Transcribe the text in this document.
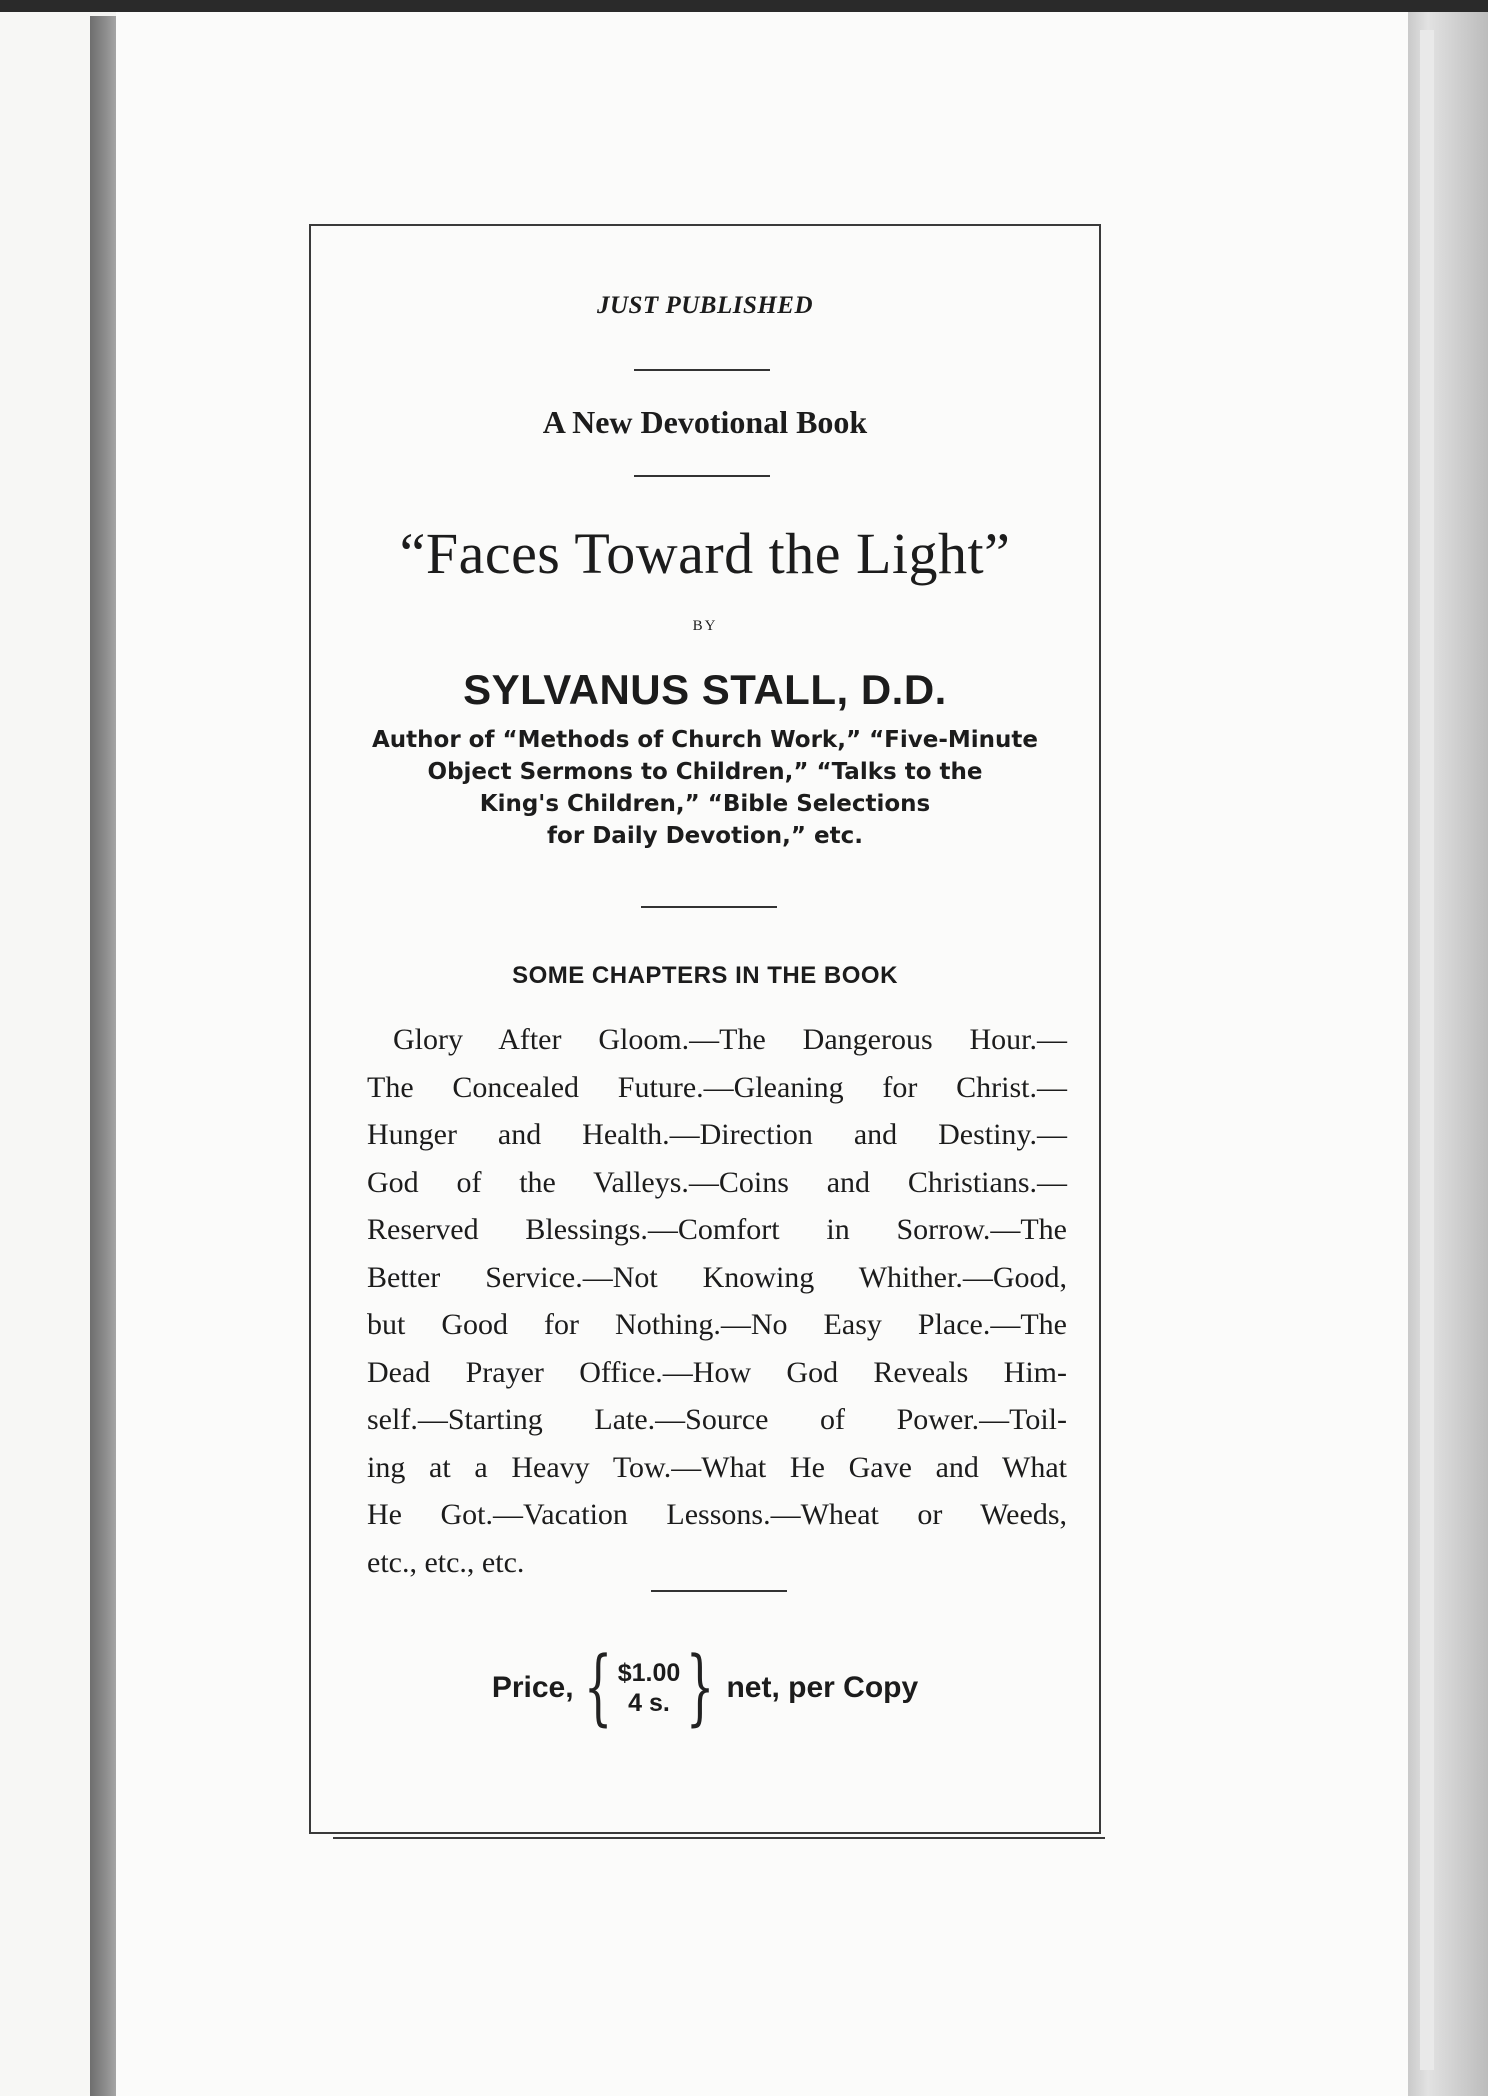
JUST PUBLISHED
A New Devotional Book
“Faces Toward the Light”
BY
SYLVANUS STALL, D.D.
Author of “Methods of Church Work,” “Five-Minute
Object Sermons to Children,” “Talks to the
King's Children,” “Bible Selections
for Daily Devotion,” etc.
SOME CHAPTERS IN THE BOOK
Glory After Gloom.—The Dangerous Hour.—
The Concealed Future.—Gleaning for Christ.—
Hunger and Health.—Direction and Destiny.—
God of the Valleys.—Coins and Christians.—
Reserved Blessings.—Comfort in Sorrow.—The
Better Service.—Not Knowing Whither.—Good,
but Good for Nothing.—No Easy Place.—The
Dead Prayer Office.—How God Reveals Him-
self.—Starting Late.—Source of Power.—Toil-
ing at a Heavy Tow.—What He Gave and What
He Got.—Vacation Lessons.—Wheat or Weeds,
etc., etc., etc.
Price, { $1.00
4 s. } net, per Copy
